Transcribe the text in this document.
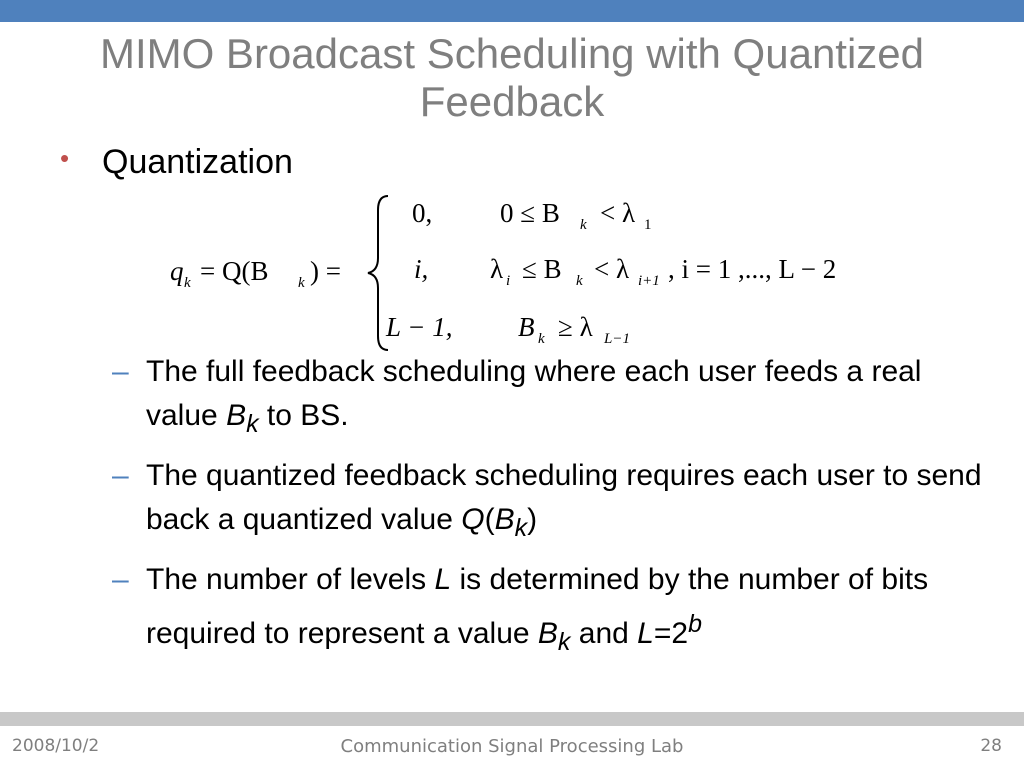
MIMO Broadcast Scheduling with Quantized Feedback
• Quantization
q k = Q(B k ) =
0,	0 ≤ B k < λ 1
i, λ i ≤ B k < λ i+1 , i = 1 ,..., L − 2
L − 1, B k ≥ λ L−1
– The full feedback scheduling where each user feeds a real value $B_k$ to BS.
– The quantized feedback scheduling requires each user to send back a quantized value $Q(B_k)$
– The number of levels L is determined by the number of bits required to represent a value $B_k$ and $L=2^b$
2008/10/2	Communication Signal Processing Lab	28
